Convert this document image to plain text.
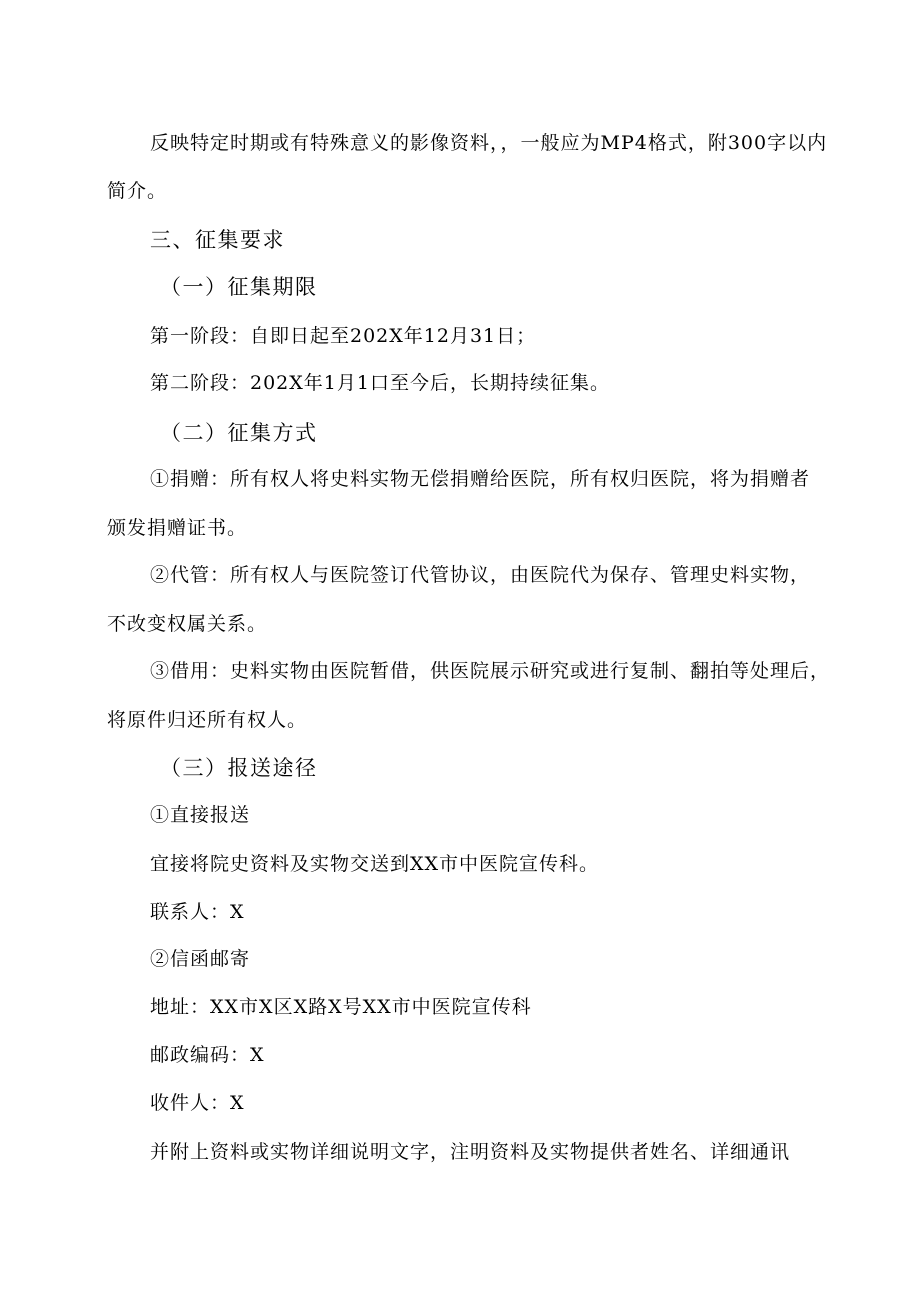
反映特定时期或有特殊意义的影像资料，，一般应为MP4格式，附300字以内
简介。
三、征集要求
（一）征集期限
第一阶段：自即日起至202X年12月31日；
第二阶段：202X年1月1口至今后，长期持续征集。
（二）征集方式
①捐赠：所有权人将史料实物无偿捐赠给医院，所有权归医院，将为捐赠者
颁发捐赠证书。
②代管：所有权人与医院签订代管协议，由医院代为保存、管理史料实物，
不改变权属关系。
③借用：史料实物由医院暂借，供医院展示研究或进行复制、翻拍等处理后，
将原件归还所有权人。
（三）报送途径
①直接报送
宜接将院史资料及实物交送到XX市中医院宣传科。
联系人：X
②信函邮寄
地址：XX市X区X路X号XX市中医院宣传科
邮政编码：X
收件人：X
并附上资料或实物详细说明文字，注明资料及实物提供者姓名、详细通讯
